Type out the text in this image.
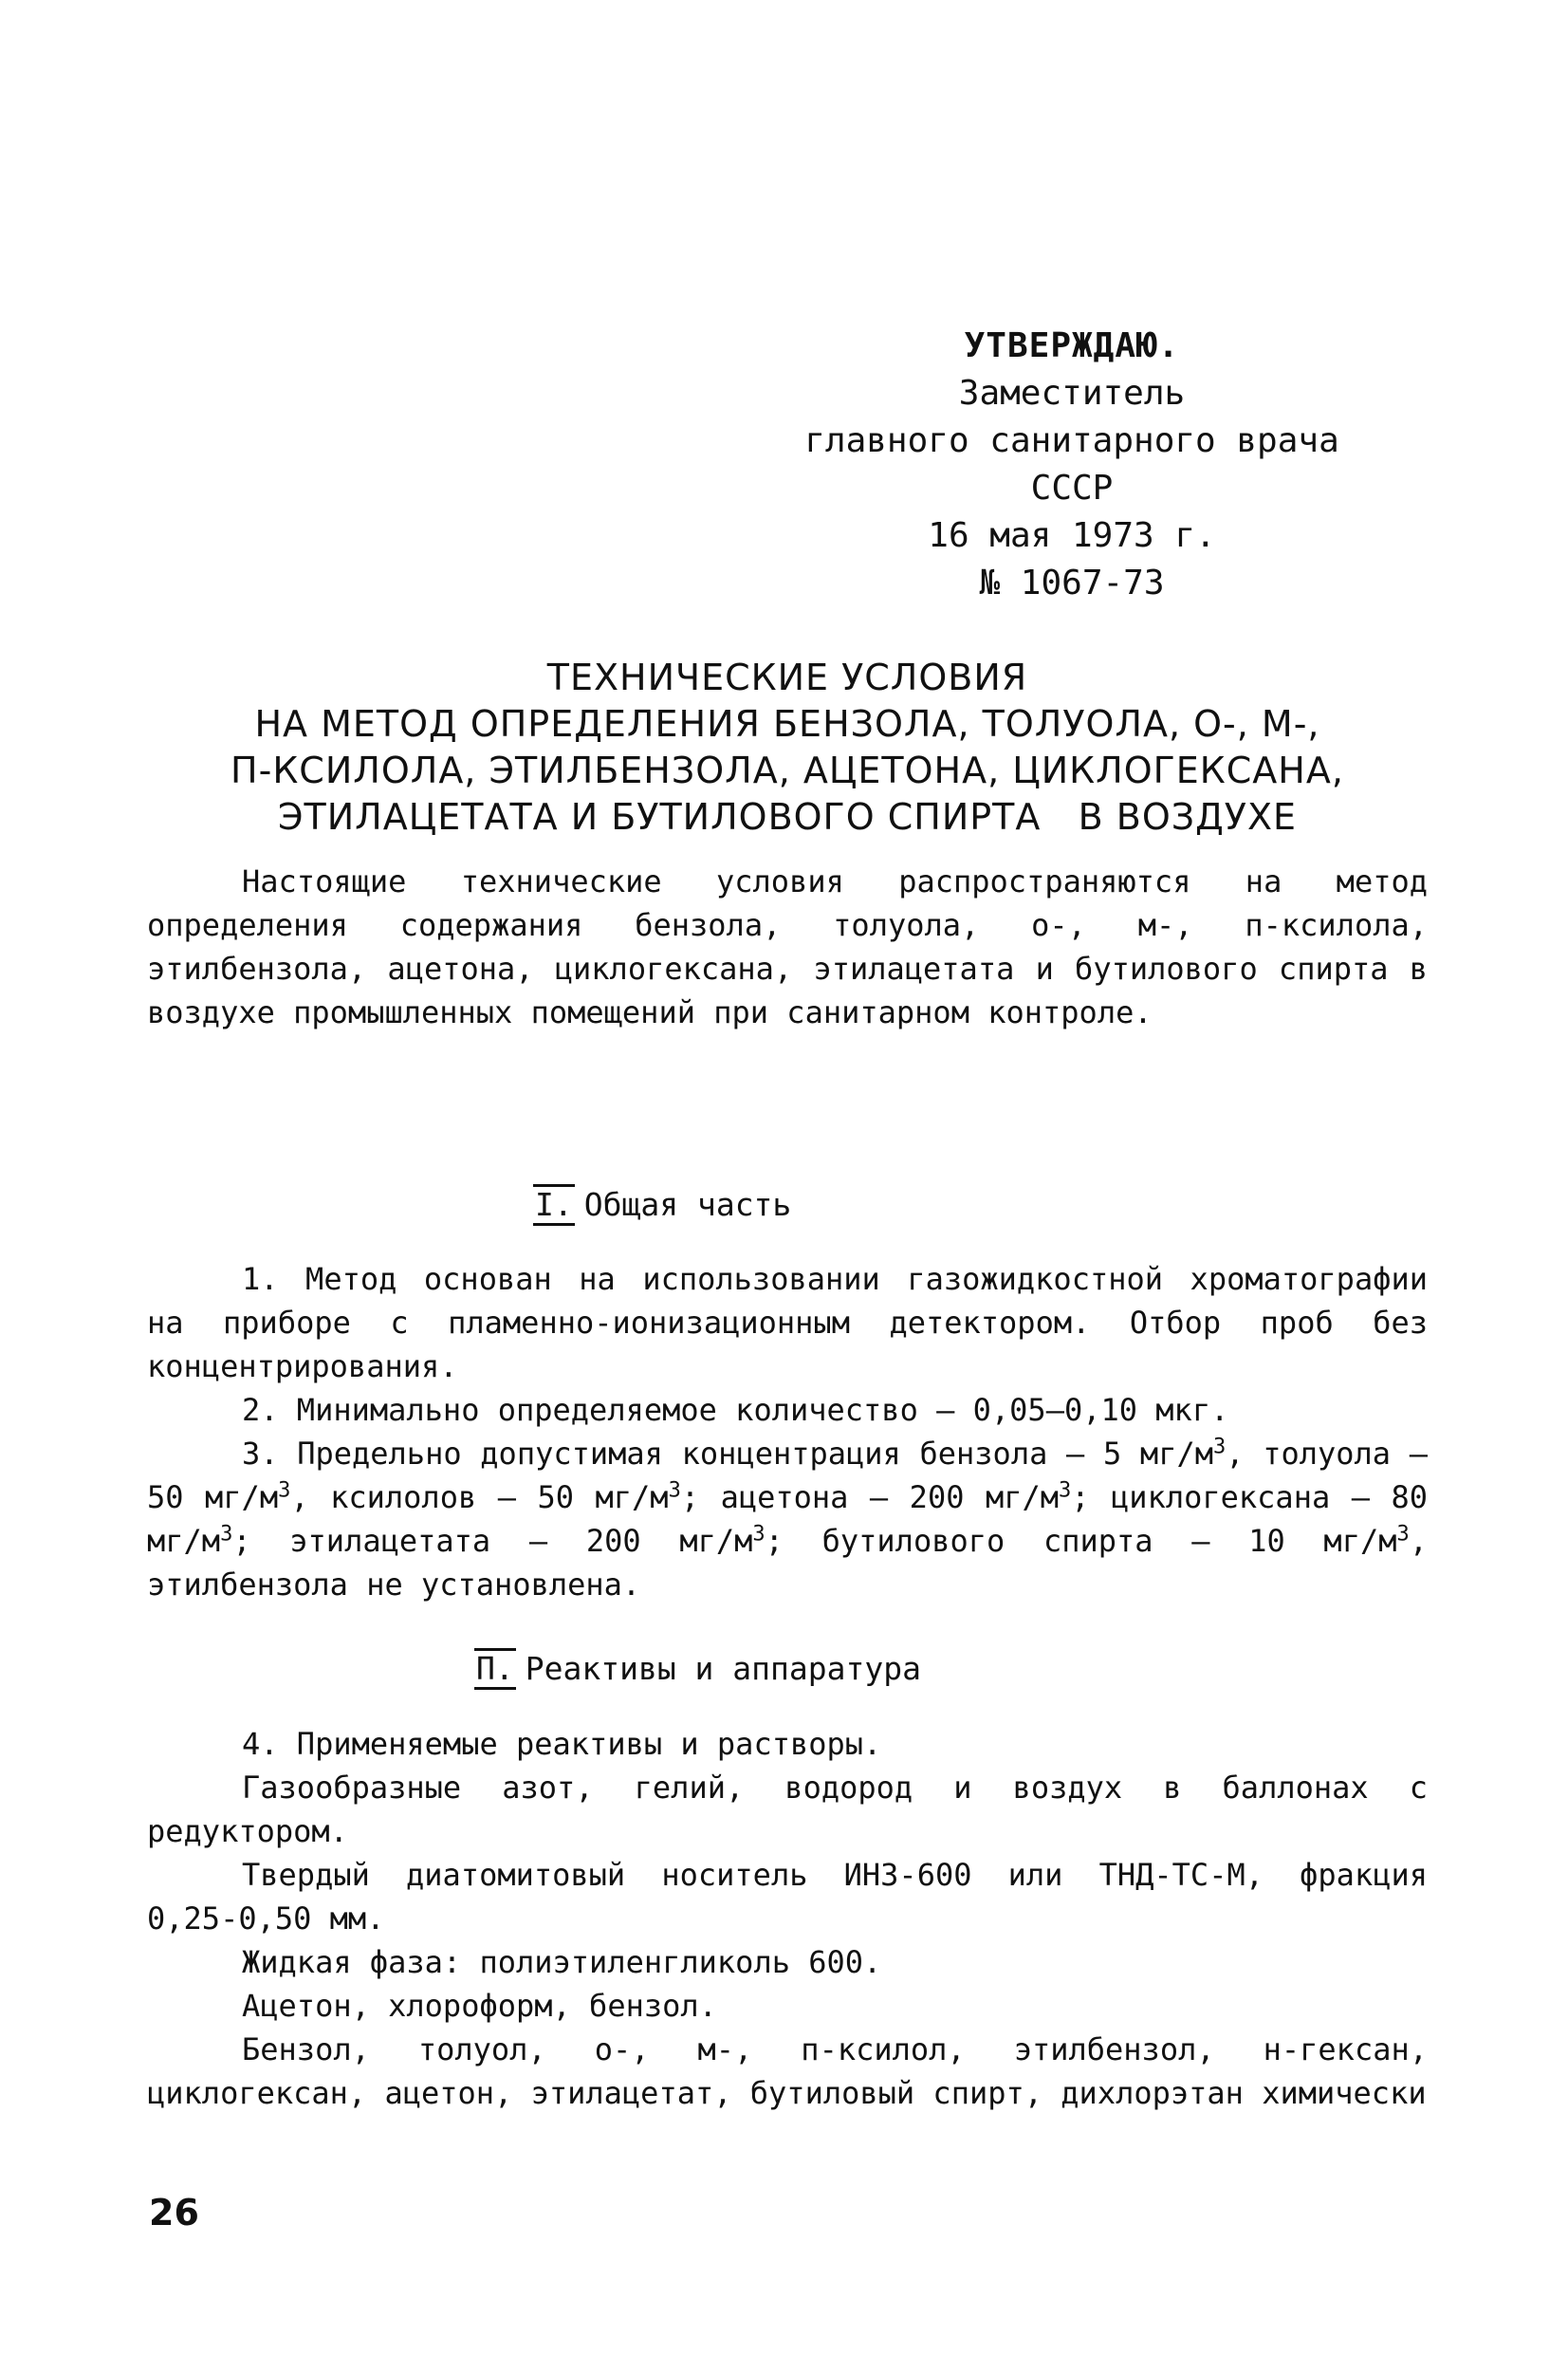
УТВЕРЖДАЮ.
Заместитель
главного санитарного врача
СССР
16 мая 1973 г.
№ 1067-73
ТЕХНИЧЕСКИЕ УСЛОВИЯ
НА МЕТОД ОПРЕДЕЛЕНИЯ БЕНЗОЛА, ТОЛУОЛА, О-, М-,
П-КСИЛОЛА, ЭТИЛБЕНЗОЛА, АЦЕТОНА, ЦИКЛОГЕКСАНА,
ЭТИЛАЦЕТАТА И БУТИЛОВОГО СПИРТА   В ВОЗДУХЕ

Настоящие технические условия распространяются на метод определения содержания бензола, толуола, о-, м-, п-ксилола, этилбензола, ацетона, циклогексана, этилацетата и бутилового спирта в воздухе промышленных помещений при санитарном контроле.

I. Общая часть

1. Метод основан на использовании газожидкостной хроматографии на приборе с пламенно-ионизационным детектором. Отбор проб без концентрирования.

2. Минимально определяемое количество – 0,05–0,10 мкг.

3. Предельно допустимая концентрация бензола – 5 $мг/м^3$, толуола – 50 $мг/м^3$, ксилолов – 50 $мг/м^3$; ацетона – 200 $мг/м^3$; циклогексана – 80 $мг/м^3$; этилацетата – 200 $мг/м^3$; бутилового спирта – 10 $мг/м^3$, этилбензола не установлена.

П. Реактивы и аппаратура

4. Применяемые реактивы и растворы.

Газообразные азот, гелий, водород и воздух в баллонах с редуктором.

Твердый диатомитовый носитель ИНЗ-600 или ТНД-ТС-М, фракция 0,25-0,50 мм.

Жидкая фаза: полиэтиленгликоль 600.

Ацетон, хлороформ, бензол.

Бензол, толуол, о-, м-, п-ксилол, этилбензол, н-гексан, циклогексан, ацетон, этилацетат, бутиловый спирт, дихлорэтан химически

26
